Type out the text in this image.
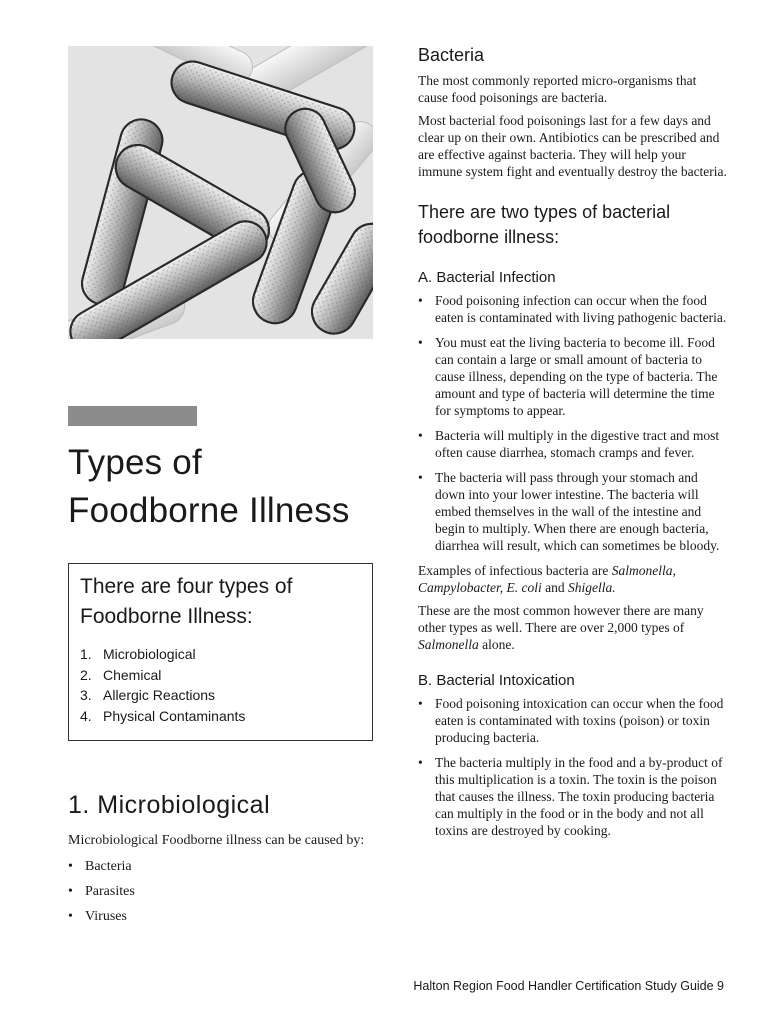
Types of Foodborne Illness
There are four types of Foodborne Illness:
1. Microbiological
2. Chemical
3. Allergic Reactions
4. Physical Contaminants
1. Microbiological

Microbiological Foodborne illness can be caused by:

• Bacteria
• Parasites
• Viruses
Bacteria

The most commonly reported micro-organisms that cause food poisonings are bacteria.

Most bacterial food poisonings last for a few days and clear up on their own. Antibiotics can be prescribed and are effective against bacteria. They will help your immune system fight and eventually destroy the bacteria.

There are two types of bacterial foodborne illness:
A. Bacterial Infection
• Food poisoning infection can occur when the food eaten is contaminated with living pathogenic bacteria.
• You must eat the living bacteria to become ill. Food can contain a large or small amount of bacteria to cause illness, depending on the type of bacteria. The amount and type of bacteria will determine the time for symptoms to appear.
• Bacteria will multiply in the digestive tract and most often cause diarrhea, stomach cramps and fever.
• The bacteria will pass through your stomach and down into your lower intestine. The bacteria will embed themselves in the wall of the intestine and begin to multiply. When there are enough bacteria, diarrhea will result, which can sometimes be bloody.

Examples of infectious bacteria are Salmonella, Campylobacter, E. coli and Shigella.

These are the most common however there are many other types as well. There are over 2,000 types of Salmonella alone.

B. Bacterial Intoxication
• Food poisoning intoxication can occur when the food eaten is contaminated with toxins (poison) or toxin producing bacteria.
• The bacteria multiply in the food and a by-product of this multiplication is a toxin. The toxin is the poison that causes the illness. The toxin producing bacteria can multiply in the food or in the body and not all toxins are destroyed by cooking.
Halton Region Food Handler Certification Study Guide 9
